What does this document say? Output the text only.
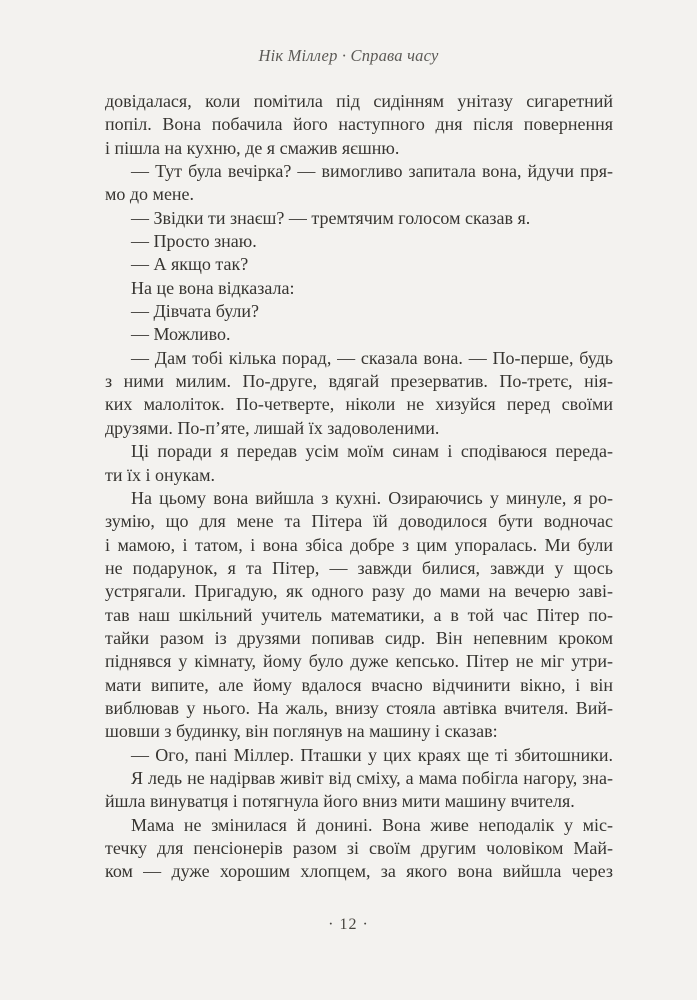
Нік Міллер · Справа часу
довідалася, коли помітила під сидінням унітазу сигаретний
попіл. Вона побачила його наступного дня після повернення
і пішла на кухню, де я смажив яєшню.
— Тут була вечірка? — вимогливо запитала вона, йдучи пря-
мо до мене.
— Звідки ти знаєш? — тремтячим голосом сказав я.
— Просто знаю.
— А якщо так?
На це вона відказала:
— Дівчата були?
— Можливо.
— Дам тобі кілька порад, — сказала вона. — По-перше, будь
з ними милим. По-друге, вдягай презерватив. По-третє, нія-
ких малоліток. По-четверте, ніколи не хизуйся перед своїми
друзями. По-п’яте, лишай їх задоволеними.
Ці поради я передав усім моїм синам і сподіваюся переда-
ти їх і онукам.
На цьому вона вийшла з кухні. Озираючись у минуле, я ро-
зумію, що для мене та Пітера їй доводилося бути водночас
і мамою, і татом, і вона збіса добре з цим упоралась. Ми були
не подарунок, я та Пітер, — завжди билися, завжди у щось
устрягали. Пригадую, як одного разу до мами на вечерю заві-
тав наш шкільний учитель математики, а в той час Пітер по-
тайки разом із друзями попивав сидр. Він непевним кроком
піднявся у кімнату, йому було дуже кепсько. Пітер не міг утри-
мати випите, але йому вдалося вчасно відчинити вікно, і він
виблював у нього. На жаль, внизу стояла автівка вчителя. Вий-
шовши з будинку, він поглянув на машину і сказав:
— Ого, пані Міллер. Пташки у цих краях ще ті збитошники.
Я ледь не надірвав живіт від сміху, а мама побігла нагору, зна-
йшла винуватця і потягнула його вниз мити машину вчителя.
Мама не змінилася й донині. Вона живе неподалік у міс-
течку для пенсіонерів разом зі своїм другим чоловіком Май-
ком — дуже хорошим хлопцем, за якого вона вийшла через
· 12 ·
